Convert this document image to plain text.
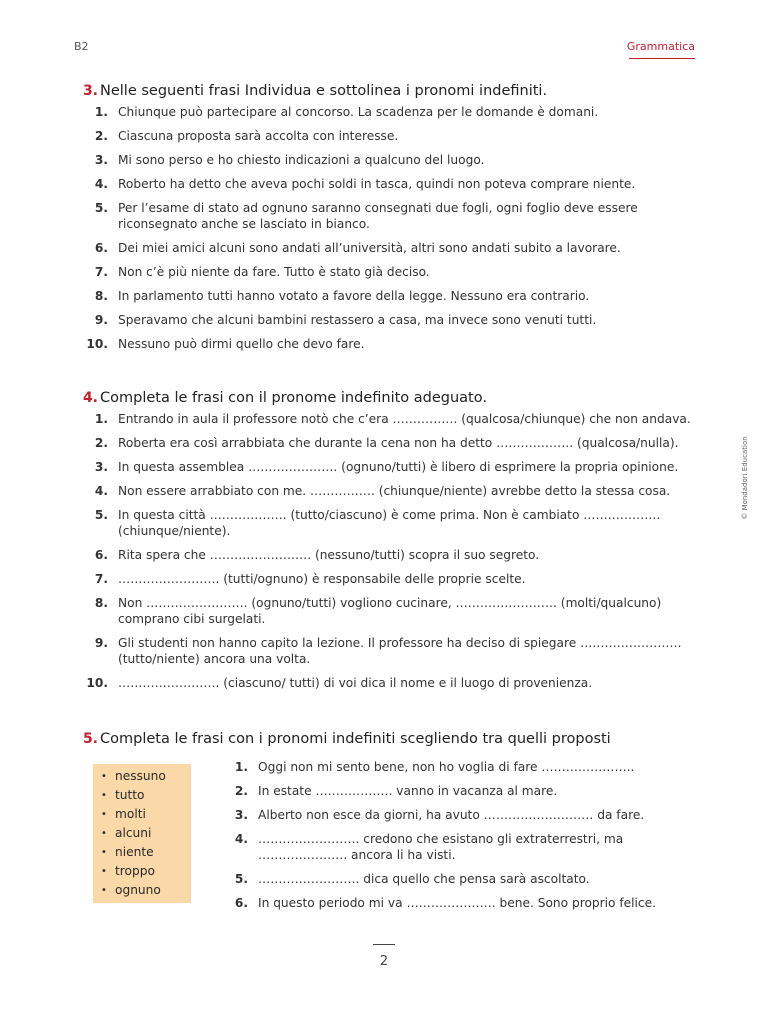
B2	Grammatica
© Mondadori Education
3. Nelle seguenti frasi Individua e sottolinea i pronomi indefiniti.
1. Chiunque può partecipare al concorso. La scadenza per le domande è domani.
2. Ciascuna proposta sarà accolta con interesse.
3. Mi sono perso e ho chiesto indicazioni a qualcuno del luogo.
4. Roberto ha detto che aveva pochi soldi in tasca, quindi non poteva comprare niente.
5. Per l’esame di stato ad ognuno saranno consegnati due fogli, ogni foglio deve essere riconsegnato anche se lasciato in bianco.
6. Dei miei amici alcuni sono andati all’università, altri sono andati subito a lavorare.
7. Non c’è più niente da fare. Tutto è stato già deciso.
8. In parlamento tutti hanno votato a favore della legge. Nessuno era contrario.
9. Speravamo che alcuni bambini restassero a casa, ma invece sono venuti tutti.
10. Nessuno può dirmi quello che devo fare.
4. Completa le frasi con il pronome indefinito adeguato.
1. Entrando in aula il professore notò che c’era ……………. (qualcosa/chiunque) che non andava.
2. Roberta era così arrabbiata che durante la cena non ha detto ………………. (qualcosa/nulla).
3. In questa assemblea …………………. (ognuno/tutti) è libero di esprimere la propria opinione.
4. Non essere arrabbiato con me. ……………. (chiunque/niente) avrebbe detto la stessa cosa.
5. In questa città ………………. (tutto/ciascuno) è come prima. Non è cambiato ………………. (chiunque/niente).
6. Rita spera che ……………………. (nessuno/tutti) scopra il suo segreto.
7. ……………………. (tutti/ognuno) è responsabile delle proprie scelte.
8. Non ……………………. (ognuno/tutti) vogliono cucinare, ……………………. (molti/qualcuno) comprano cibi surgelati.
9. Gli studenti non hanno capito la lezione. Il professore ha deciso di spiegare ……………………. (tutto/niente) ancora una volta.
10. ……………………. (ciascuno/ tutti) di voi dica il nome e il luogo di provenienza.
5. Completa le frasi con i pronomi indefiniti scegliendo tra quelli proposti
• nessuno
• tutto
• molti
• alcuni
• niente
• troppo
• ognuno
1. Oggi non mi sento bene, non ho voglia di fare …………………..
2. In estate ………………. vanno in vacanza al mare.
3. Alberto non esce da giorni, ha avuto ……………………… da fare.
4. ……………………. credono che esistano gli extraterrestri, ma …………………. ancora li ha visti.
5. ……………………. dica quello che pensa sarà ascoltato.
6. In questo periodo mi va …………………. bene. Sono proprio felice.
2
